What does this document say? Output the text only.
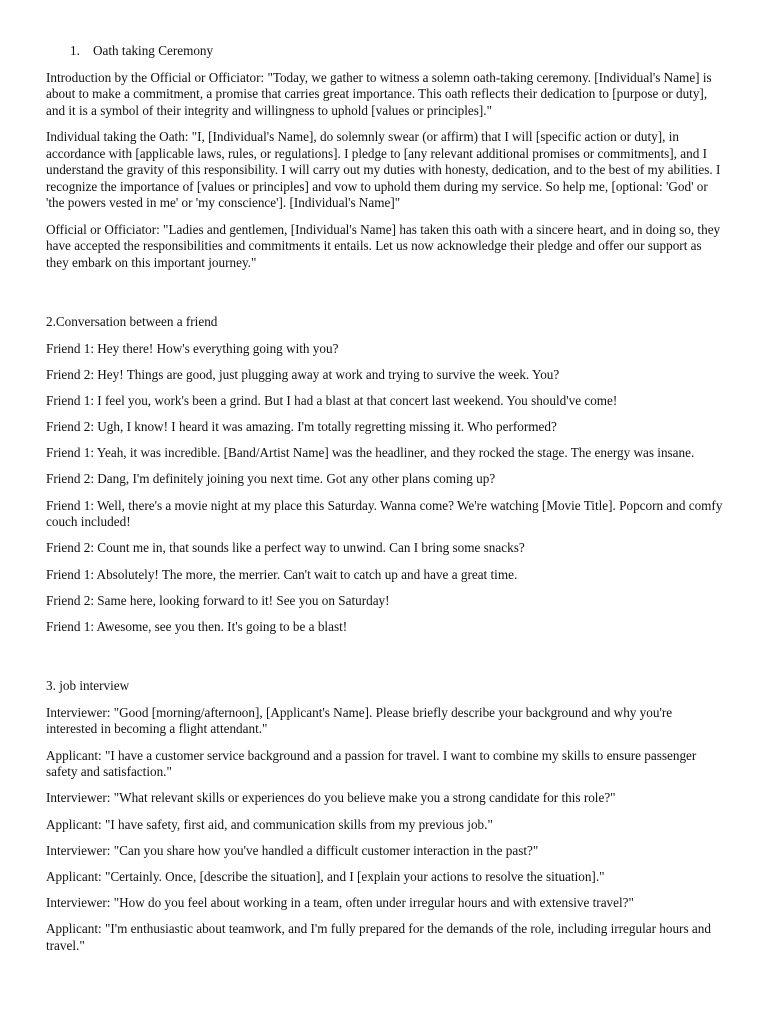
1. Oath taking Ceremony

Introduction by the Official or Officiator: "Today, we gather to witness a solemn oath-taking ceremony. [Individual's Name] is about to make a commitment, a promise that carries great importance. This oath reflects their dedication to [purpose or duty], and it is a symbol of their integrity and willingness to uphold [values or principles]."

Individual taking the Oath: "I, [Individual's Name], do solemnly swear (or affirm) that I will [specific action or duty], in accordance with [applicable laws, rules, or regulations]. I pledge to [any relevant additional promises or commitments], and I understand the gravity of this responsibility. I will carry out my duties with honesty, dedication, and to the best of my abilities. I recognize the importance of [values or principles] and vow to uphold them during my service. So help me, [optional: 'God' or 'the powers vested in me' or 'my conscience']. [Individual's Name]"

Official or Officiator: "Ladies and gentlemen, [Individual's Name] has taken this oath with a sincere heart, and in doing so, they have accepted the responsibilities and commitments it entails. Let us now acknowledge their pledge and offer our support as they embark on this important journey."

2.Conversation between a friend

Friend 1: Hey there! How's everything going with you?

Friend 2: Hey! Things are good, just plugging away at work and trying to survive the week. You?

Friend 1: I feel you, work's been a grind. But I had a blast at that concert last weekend. You should've come!

Friend 2: Ugh, I know! I heard it was amazing. I'm totally regretting missing it. Who performed?

Friend 1: Yeah, it was incredible. [Band/Artist Name] was the headliner, and they rocked the stage. The energy was insane.

Friend 2: Dang, I'm definitely joining you next time. Got any other plans coming up?

Friend 1: Well, there's a movie night at my place this Saturday. Wanna come? We're watching [Movie Title]. Popcorn and comfy couch included!

Friend 2: Count me in, that sounds like a perfect way to unwind. Can I bring some snacks?

Friend 1: Absolutely! The more, the merrier. Can't wait to catch up and have a great time.

Friend 2: Same here, looking forward to it! See you on Saturday!

Friend 1: Awesome, see you then. It's going to be a blast!

3. job interview

Interviewer: "Good [morning/afternoon], [Applicant's Name]. Please briefly describe your background and why you're interested in becoming a flight attendant."

Applicant: "I have a customer service background and a passion for travel. I want to combine my skills to ensure passenger safety and satisfaction."

Interviewer: "What relevant skills or experiences do you believe make you a strong candidate for this role?"

Applicant: "I have safety, first aid, and communication skills from my previous job."

Interviewer: "Can you share how you've handled a difficult customer interaction in the past?"

Applicant: "Certainly. Once, [describe the situation], and I [explain your actions to resolve the situation]."

Interviewer: "How do you feel about working in a team, often under irregular hours and with extensive travel?"

Applicant: "I'm enthusiastic about teamwork, and I'm fully prepared for the demands of the role, including irregular hours and travel."
